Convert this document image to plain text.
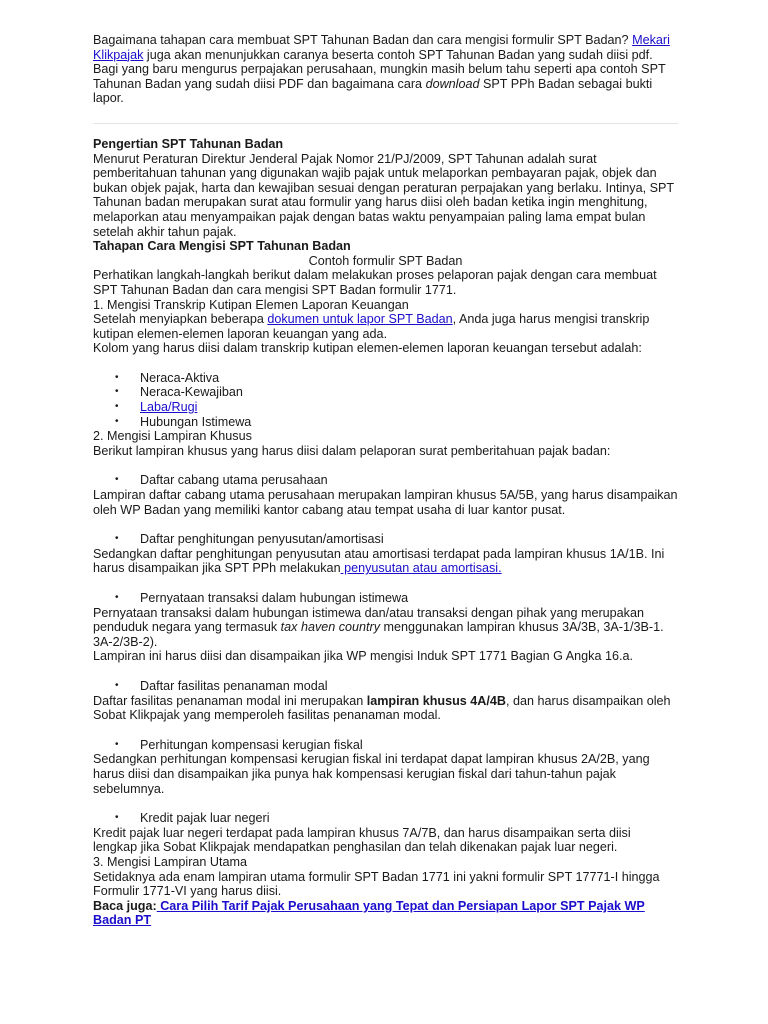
Bagaimana tahapan cara membuat SPT Tahunan Badan dan cara mengisi formulir SPT Badan? Mekari Klikpajak juga akan menunjukkan caranya beserta contoh SPT Tahunan Badan yang sudah diisi pdf.

Bagi yang baru mengurus perpajakan perusahaan, mungkin masih belum tahu seperti apa contoh SPT Tahunan Badan yang sudah diisi PDF dan bagaimana cara download SPT PPh Badan sebagai bukti lapor.

Pengertian SPT Tahunan Badan

Menurut Peraturan Direktur Jenderal Pajak Nomor 21/PJ/2009, SPT Tahunan adalah surat pemberitahuan tahunan yang digunakan wajib pajak untuk melaporkan pembayaran pajak, objek dan bukan objek pajak, harta dan kewajiban sesuai dengan peraturan perpajakan yang berlaku. Intinya, SPT Tahunan badan merupakan surat atau formulir yang harus diisi oleh badan ketika ingin menghitung, melaporkan atau menyampaikan pajak dengan batas waktu penyampaian paling lama empat bulan setelah akhir tahun pajak.

Tahapan Cara Mengisi SPT Tahunan Badan

Contoh formulir SPT Badan

Perhatikan langkah-langkah berikut dalam melakukan proses pelaporan pajak dengan cara membuat SPT Tahunan Badan dan cara mengisi SPT Badan formulir 1771.

1. Mengisi Transkrip Kutipan Elemen Laporan Keuangan

Setelah menyiapkan beberapa dokumen untuk lapor SPT Badan, Anda juga harus mengisi transkrip kutipan elemen-elemen laporan keuangan yang ada.

Kolom yang harus diisi dalam transkrip kutipan elemen-elemen laporan keuangan tersebut adalah:

• Neraca-Aktiva
• Neraca-Kewajiban
• Laba/Rugi
• Hubungan Istimewa

2. Mengisi Lampiran Khusus

Berikut lampiran khusus yang harus diisi dalam pelaporan surat pemberitahuan pajak badan:

• Daftar cabang utama perusahaan

Lampiran daftar cabang utama perusahaan merupakan lampiran khusus 5A/5B, yang harus disampaikan oleh WP Badan yang memiliki kantor cabang atau tempat usaha di luar kantor pusat.

• Daftar penghitungan penyusutan/amortisasi

Sedangkan daftar penghitungan penyusutan atau amortisasi terdapat pada lampiran khusus 1A/1B. Ini harus disampaikan jika SPT PPh melakukan penyusutan atau amortisasi.

• Pernyataan transaksi dalam hubungan istimewa

Pernyataan transaksi dalam hubungan istimewa dan/atau transaksi dengan pihak yang merupakan penduduk negara yang termasuk tax haven country menggunakan lampiran khusus 3A/3B, 3A-1/3B-1. 3A-2/3B-2).

Lampiran ini harus diisi dan disampaikan jika WP mengisi Induk SPT 1771 Bagian G Angka 16.a.

• Daftar fasilitas penanaman modal

Daftar fasilitas penanaman modal ini merupakan lampiran khusus 4A/4B, dan harus disampaikan oleh Sobat Klikpajak yang memperoleh fasilitas penanaman modal.

• Perhitungan kompensasi kerugian fiskal

Sedangkan perhitungan kompensasi kerugian fiskal ini terdapat dapat lampiran khusus 2A/2B, yang harus diisi dan disampaikan jika punya hak kompensasi kerugian fiskal dari tahun-tahun pajak sebelumnya.

• Kredit pajak luar negeri

Kredit pajak luar negeri terdapat pada lampiran khusus 7A/7B, dan harus disampaikan serta diisi lengkap jika Sobat Klikpajak mendapatkan penghasilan dan telah dikenakan pajak luar negeri.

3. Mengisi Lampiran Utama

Setidaknya ada enam lampiran utama formulir SPT Badan 1771 ini yakni formulir SPT 17771-I hingga Formulir 1771-VI yang harus diisi.

Baca juga: Cara Pilih Tarif Pajak Perusahaan yang Tepat dan Persiapan Lapor SPT Pajak WP Badan PT
